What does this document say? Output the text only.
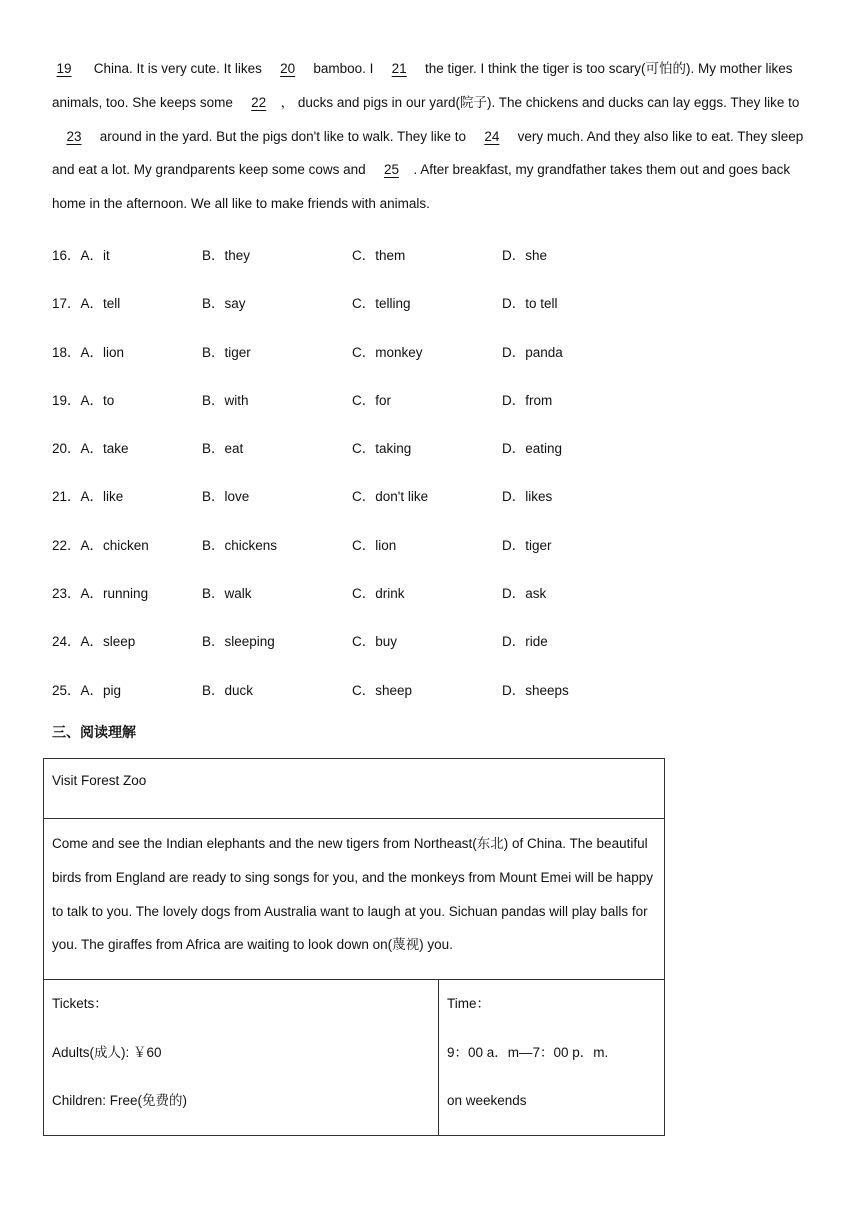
19 China. It is very cute. It likes 20 bamboo. I 21 the tiger. I think the tiger is too scary(可怕的). My mother likes animals, too. She keeps some 22 ， ducks and pigs in our yard(院子). The chickens and ducks can lay eggs. They like to 23 around in the yard. But the pigs don't like to walk. They like to 24 very much. And they also like to eat. They sleep and eat a lot. My grandparents keep some cows and 25 . After breakfast, my grandfather takes them out and goes back home in the afternoon. We all like to make friends with animals.

16．A．it	B．they	C．them	D．she
17．A．tell	B．say	C．telling	D．to tell
18．A．lion	B．tiger	C．monkey	D．panda
19．A．to	B．with	C．for	D．from
20．A．take	B．eat	C．taking	D．eating
21．A．like	B．love	C．don't like	D．likes
22．A．chicken	B．chickens	C．lion	D．tiger
23．A．running	B．walk	C．drink	D．ask
24．A．sleep	B．sleeping	C．buy	D．ride
25．A．pig	B．duck	C．sheep	D．sheeps
三、阅读理解
Visit Forest Zoo

Come and see the Indian elephants and the new tigers from Northeast(东北) of China. The beautiful birds from England are ready to sing songs for you, and the monkeys from Mount Emei will be happy to talk to you. The lovely dogs from Australia want to laugh at you. Sichuan pandas will play balls for you. The giraffes from Africa are waiting to look down on(蔑视) you.

Tickets：
Adults(成人): ￥60
Children: Free(免费的)

Time：
9：00 a．m—7：00 p．m.
on weekends
